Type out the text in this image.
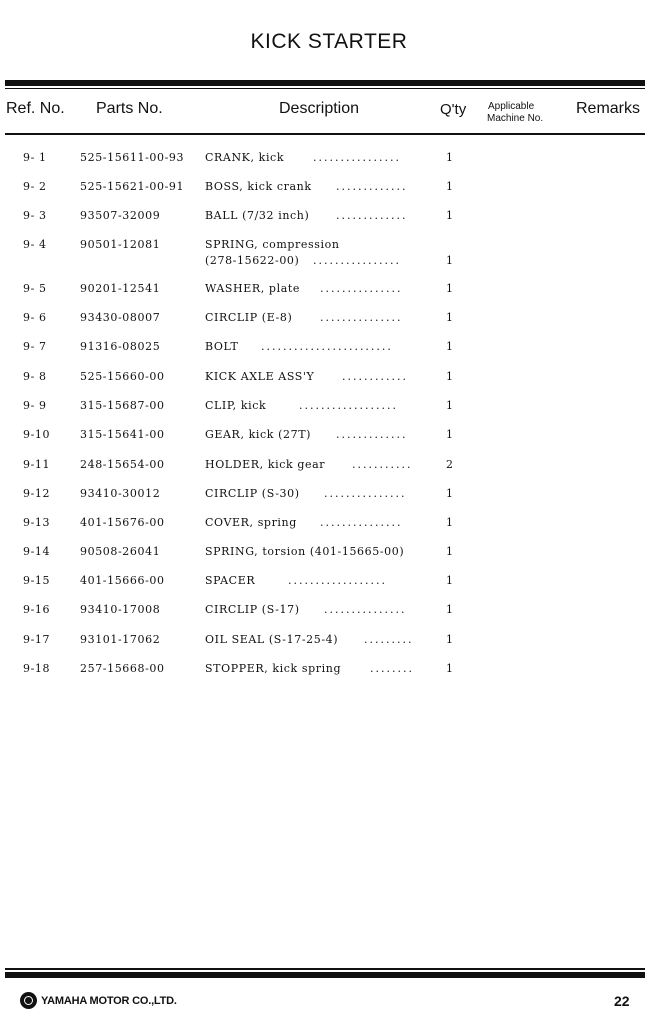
KICK STARTER
Ref. No. Parts No.	Description	Q'ty Applicable
Machine No.
Remarks
9- 1	525-15611-00-93 CRANK, kick	................	1
9- 2	525-15621-00-91 BOSS, kick crank .............	1
9- 3	93507-32009	BALL (7/32 inch) .............	1
9- 4	90501-12081	SPRING, compression
(278-15622-00) ................	1
9- 5	90201-12541	WASHER, plate ...............	1
9- 6	93430-08007	CIRCLIP (E-8)	...............	1
9- 7	91316-08025	BOLT ........................	1
9- 8	525-15660-00	KICK AXLE ASS'Y	............	1
9- 9	315-15687-00	CLIP, kick	..................	1
9-10	315-15641-00	GEAR, kick (27T) .............	1
9-11	248-15654-00	HOLDER, kick gear ...........	2
9-12	93410-30012	CIRCLIP (S-30) ...............	1
9-13	401-15676-00	COVER, spring ...............	1
9-14	90508-26041	SPRING, torsion (401-15665-00)	1
9-15	401-15666-00	SPACER	..................	1
9-16	93410-17008	CIRCLIP (S-17) ...............	1
9-17	93101-17062	OIL SEAL (S-17-25-4) .........	1
9-18	257-15668-00	STOPPER, kick spring	........	1
YAMAHA MOTOR CO.,LTD.	22
